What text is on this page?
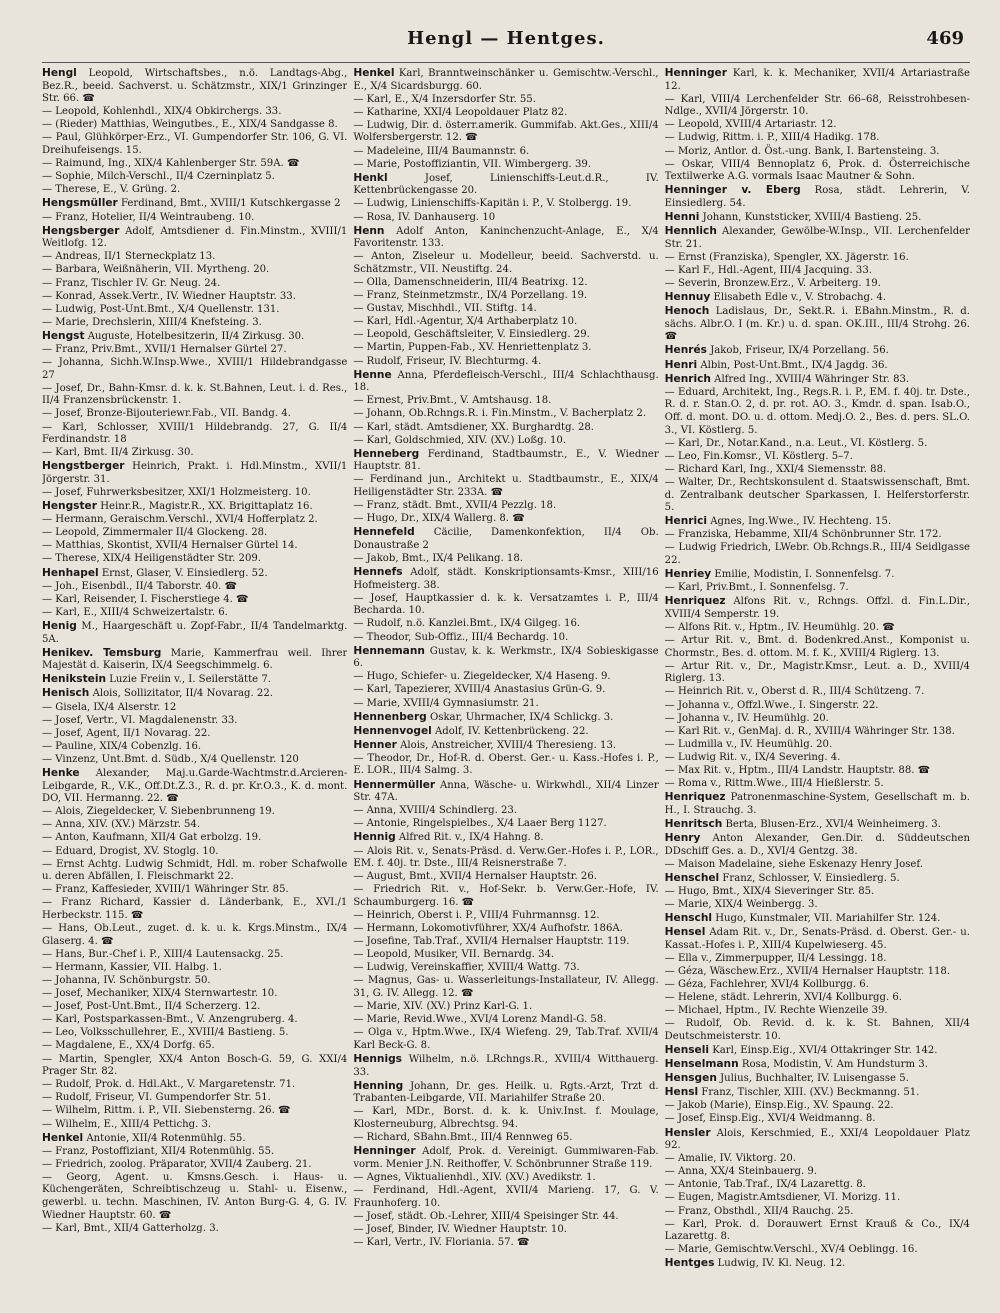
Hengl — Hentges.	469
Hengl Leopold, Wirtschaftsbes., n.ö. Landtags-Abg., Bez.R., beeid. Sachverst. u. Schätzmstr., XIX/1 Grinzinger Str. 66. ☎
— Leopold, Kohlenhdl., XIX/4 Obkirchergs. 33.
— (Rieder) Matthias, Weingutbes., E., XIX/4 Sandgasse 8.
— Paul, Glühkörper-Erz., VI. Gumpendorfer Str. 106, G. VI. Dreihufeisengs. 15.
— Raimund, Ing., XIX/4 Kahlenberger Str. 59A. ☎
— Sophie, Milch-Verschl., II/4 Czerninplatz 5.
— Therese, E., V. Grüng. 2.
Hengsmüller Ferdinand, Bmt., XVIII/1 Kutschkergasse 2
— Franz, Hotelier, II/4 Weintraubeng. 10.
Hengsberger Adolf, Amtsdiener d. Fin.Minstm., XVIII/1 Weitlofg. 12.
— Andreas, II/1 Sterneckplatz 13.
— Barbara, Weißnäherin, VII. Myrtheng. 20.
— Franz, Tischler IV. Gr. Neug. 24.
— Konrad, Assek.Vertr., IV. Wiedner Hauptstr. 33.
— Ludwig, Post-Unt.Bmt., X/4 Quellenstr. 131.
— Marie, Drechslerin, XIII/4 Knefsteing. 3.
Hengst Auguste, Hotelbesitzerin, II/4 Zirkusg. 30.
— Franz, Priv.Bmt., XVII/1 Hernalser Gürtel 27.
— Johanna, Sichh.W.Insp.Wwe., XVIII/1 Hildebrandgasse 27
— Josef, Dr., Bahn-Kmsr. d. k. k. St.Bahnen, Leut. i. d. Res., II/4 Franzensbrückenstr. 1.
— Josef, Bronze-Bijouteriewr.Fab., VII. Bandg. 4.
— Karl, Schlosser, XVIII/1 Hildebrandg. 27, G. II/4 Ferdinandstr. 18
— Karl, Bmt. II/4 Zirkusg. 30.
Hengstberger Heinrich, Prakt. i. Hdl.Minstm., XVII/1 Jörgerstr. 31.
— Josef, Fuhrwerksbesitzer, XXI/1 Holzmeisterg. 10.
Hengster Heinr.R., Magistr.R., XX. Brigittaplatz 16.
— Hermann, Geraischm.Verschl., XVI/4 Hofferplatz 2.
— Leopold, Zimmermaler II/4 Glockeng. 28.
— Matthias, Skontist, XVII/4 Hernalser Gürtel 14.
— Therese, XIX/4 Heiligenstädter Str. 209.
Henhapel Ernst, Glaser, V. Einsiedlerg. 52.
— Joh., Eisenbdl., II/4 Taborstr. 40. ☎
— Karl, Reisender, I. Fischerstiege 4. ☎
— Karl, E., XIII/4 Schweizertalstr. 6.
Henig M., Haargeschäft u. Zopf-Fabr., II/4 Tandelmarktg. 5A.
Henikev. Temsburg Marie, Kammerfrau weil. Ihrer Majestät d. Kaiserin, IX/4 Seegschimmelg. 6.
Henikstein Luzie Freiin v., I. Seilerstätte 7.
Henisch Alois, Sollizitator, II/4 Novarag. 22.
— Gisela, IX/4 Alserstr. 12
— Josef, Vertr., VI. Magdalenenstr. 33.
— Josef, Agent, II/1 Novarag. 22.
— Pauline, XIX/4 Cobenzlg. 16.
— Vinzenz, Unt.Bmt. d. Südb., X/4 Quellenstr. 120
Henke Alexander, Maj.u.Garde-Wachtmstr.d.Arcieren-Leibgarde, R., V.K., Off.Dt.Z.3., R. d. pr. Kr.O.3., K. d. mont. DO, VII. Hermanng. 22. ☎
— Alois, Ziegeldecker, V. Siebenbrunneng 19.
— Anna, XIV. (XV.) Märzstr. 54.
— Anton, Kaufmann, XII/4 Gat erbolzg. 19.
— Eduard, Drogist, XV. Stoglg. 10.
— Ernst Achtg. Ludwig Schmidt, Hdl. m. rober Schafwolle u. deren Abfällen, I. Fleischmarkt 22.
— Franz, Kaffesieder, XVIII/1 Währinger Str. 85.
— Franz Richard, Kassier d. Länderbank, E., XVI./1 Herbeckstr. 115. ☎
— Hans, Ob.Leut., zuget. d. k. u. k. Krgs.Minstm., IX/4 Glaserg. 4. ☎
— Hans, Bur.-Chef i. P., XIII/4 Lautensackg. 25.
— Hermann, Kassier, VII. Halbg. 1.
— Johanna, IV. Schönburgstr. 50.
— Josef, Mechaniker, XIX/4 Sternwartestr. 10.
— Josef, Post-Unt.Bmt., II/4 Scherzerg. 12.
— Karl, Postsparkassen-Bmt., V. Anzengruberg. 4.
— Leo, Volksschullehrer, E., XVIII/4 Bastieng. 5.
— Magdalene, E., XX/4 Dorfg. 65.
— Martin, Spengler, XX/4 Anton Bosch-G. 59, G. XXI/4 Prager Str. 82.
— Rudolf, Prok. d. Hdl.Akt., V. Margaretenstr. 71.
— Rudolf, Friseur, VI. Gumpendorfer Str. 51.
— Wilhelm, Rittm. i. P., VII. Siebensterng. 26. ☎
— Wilhelm, E., XIII/4 Pettichg. 3.
Henkel Antonie, XII/4 Rotenmühlg. 55.
— Franz, Postoffiziant, XII/4 Rotenmühlg. 55.
— Friedrich, zoolog. Präparator, XVII/4 Zauberg. 21.
— Georg, Agent. u. Kmsns.Gesch. i. Haus- u. Küchengeräten, Schreibtischzeug u. Stahl- u. Eisenw., gewerbl. u. techn. Maschinen, IV. Anton Burg-G. 4, G. IV. Wiedner Hauptstr. 60. ☎
— Karl, Bmt., XII/4 Gatterholzg. 3.
Henkel Karl, Branntweinschänker u. Gemischtw.-Verschl., E., X/4 Sicardsburgg. 60.
— Karl, E., X/4 Inzersdorfer Str. 55.
— Katharine, XXI/4 Leopoldauer Platz 82.
— Ludwig, Dir. d. österr.amerik. Gummifab. Akt.Ges., XIII/4 Wolfersbergerstr. 12. ☎
— Madeleine, III/4 Baumannstr. 6.
— Marie, Postoffiziantin, VII. Wimbergerg. 39.
Henkl	Josef, Linienschiffs-Leut.d.R., IV. Kettenbrückengasse 20.
— Ludwig, Linienschiffs-Kapitän i. P., V. Stolbergg. 19.
— Rosa, IV. Danhauserg. 10
Henn Adolf Anton, Kaninchenzucht-Anlage, E., X/4 Favoritenstr. 133.
— Anton, Ziseleur u. Modelleur, beeid. Sachverstd. u. Schätzmstr., VII. Neustiftg. 24.
— Olla, Damenschneiderin, III/4 Beatrixg. 12.
— Franz, Steinmetzmstr., IX/4 Porzellang. 19.
— Gustav, Mischhdl., VII. Stiftg. 14.
— Karl, Hdl.-Agentur, X/4 Arthaberplatz 10.
— Leopold, Geschäftsleiter, V. Einsiedlerg. 29.
— Martin, Puppen-Fab., XV. Henriettenplatz 3.
— Rudolf, Friseur, IV. Blechturmg. 4.
Henne Anna, Pferdefleisch-Verschl., III/4 Schlachthausg. 18.
— Ernest, Priv.Bmt., V. Amtshausg. 18.
— Johann, Ob.Rchngs.R. i. Fin.Minstm., V. Bacherplatz 2.
— Karl, städt. Amtsdiener, XX. Burghardtg. 28.
— Karl, Goldschmied, XIV. (XV.) Loßg. 10.
Henneberg Ferdinand, Stadtbaumstr., E., V. Wiedner Hauptstr. 81.
— Ferdinand jun., Architekt u. Stadtbaumstr., E., XIX/4 Heiligenstädter Str. 233A. ☎
— Franz, städt. Bmt., XVII/4 Pezzlg. 18.
— Hugo, Dr., XIX/4 Wallerg. 8. ☎
Hennefeld Cäcilie, Damenkonfektion, II/4 Ob. Donaustraße 2
— Jakob, Bmt., IX/4 Pelikang. 18.
Hennefs Adolf, städt. Konskriptionsamts-Kmsr., XIII/16 Hofmeisterg. 38.
— Josef, Hauptkassier d. k. k. Versatzamtes i. P., III/4 Becharda. 10.
— Rudolf, n.ö. Kanzlei.Bmt., IX/4 Gilgeg. 16.
— Theodor, Sub-Offiz., III/4 Bechardg. 10.
Hennemann Gustav, k. k. Werkmstr., IX/4 Sobieskigasse 6.
— Hugo, Schiefer- u. Ziegeldecker, X/4 Haseng. 9.
— Karl, Tapezierer, XVIII/4 Anastasius Grün-G. 9.
— Marie, XVIII/4 Gymnasiumstr. 21.
Hennenberg Oskar, Uhrmacher, IX/4 Schlickg. 3.
Hennenvogel Adolf, IV. Kettenbrückeng. 22.
Henner Alois, Anstreicher, XVIII/4 Theresieng. 13.
— Theodor, Dr., Hof-R. d. Oberst. Ger.- u. Kass.-Hofes i. P., E. LOR., III/4 Salmg. 3.
Hennermüller Anna, Wäsche- u. Wirkwhdl., XII/4 Linzer Str. 47A.
— Anna, XVIII/4 Schindlerg. 23.
— Antonie, Ringelspielbes., X/4 Laaer Berg 1127.
Hennig Alfred Rit. v., IX/4 Hahng. 8.
— Alois Rit. v., Senats-Präsd. d. Verw.Ger.-Hofes i. P., LOR., EM. f. 40j. tr. Dste., III/4 Reisnerstraße 7.
— August, Bmt., XVII/4 Hernalser Hauptstr. 26.
— Friedrich Rit. v., Hof-Sekr. b. Verw.Ger.-Hofe, IV. Schaumburgerg. 16. ☎
— Heinrich, Oberst i. P., VIII/4 Fuhrmannsg. 12.
— Hermann, Lokomotivführer, XX/4 Aufhofstr. 186A.
— Josefine, Tab.Traf., XVII/4 Hernalser Hauptstr. 119.
— Leopold, Musiker, VII. Bernardg. 34.
— Ludwig, Vereinskaffier, XVIII/4 Wattg. 73.
— Magnus, Gas- u. Wasserleitungs-Installateur, IV. Allegg. 31, G. IV. Allegg. 12. ☎
— Marie, XIV. (XV.) Prinz Karl-G. 1.
— Marie, Revid.Wwe., XVI/4 Lorenz Mandl-G. 58.
— Olga v., Hptm.Wwe., IX/4 Wiefeng. 29, Tab.Traf. XVII/4 Karl Beck-G. 8.
Hennigs Wilhelm, n.ö. LRchngs.R., XVIII/4 Witthauerg. 33.
Henning Johann, Dr. ges. Heilk. u. Rgts.-Arzt, Trzt d. Trabanten-Leibgarde, VII. Mariahilfer Straße 20.
— Karl, MDr., Borst. d. k. k. Univ.Inst. f. Moulage, Klosterneuburg, Albrechtsg. 94.
— Richard, SBahn.Bmt., III/4 Rennweg 65.
Henninger Adolf, Prok. d. Vereinigt. Gummiwaren-Fab. vorm. Menier J.N. Reithoffer, V. Schönbrunner Straße 119.
— Agnes, Viktualienhdl., XIV. (XV.) Avedikstr. 1.
— Ferdinand, Hdl.-Agent, XVII/4 Marieng. 17, G. V. Fraunhoferg. 10.
— Josef, städt. Ob.-Lehrer, XIII/4 Speisinger Str. 44.
— Josef, Binder, IV. Wiedner Hauptstr. 10.
— Karl, Vertr., IV. Floriania. 57. ☎
Henninger Karl, k. k. Mechaniker, XVII/4 Artariastraße 12.
— Karl, VIII/4 Lerchenfelder Str. 66–68, Reisstrohbesen-Ndlge., XVII/4 Jörgerstr. 10.
— Leopold, XVIII/4 Artariastr. 12.
— Ludwig, Rittm. i. P., XIII/4 Hadikg. 178.
— Moriz, Antlor. d. Öst.-ung. Bank, I. Bartensteing. 3.
— Oskar, VIII/4 Bennoplatz 6, Prok. d. Österreichische Textilwerke A.G. vormals Isaac Mautner & Sohn.
Henninger v. Eberg Rosa, städt. Lehrerin, V. Einsiedlerg. 54.
Henni Johann, Kunststicker, XVIII/4 Bastieng. 25.
Hennlich Alexander, Gewölbe-W.Insp., VII. Lerchenfelder Str. 21.
— Ernst (Franziska), Spengler, XX. Jägerstr. 16.
— Karl F., Hdl.-Agent, III/4 Jacquing. 33.
— Severin, Bronzew.Erz., V. Arbeiterg. 19.
Hennuy Elisabeth Edle v., V. Strobachg. 4.
Henoch Ladislaus, Dr., Sekt.R. i. EBahn.Minstm., R. d. sächs. Albr.O. I (m. Kr.) u. d. span. OK.III., III/4 Strohg. 26. ☎
Henrés Jakob, Friseur, IX/4 Porzellang. 56.
Henri Albin, Post-Unt.Bmt., IX/4 Jagdg. 36.
Henrich Alfred Ing., XVIII/4 Währinger Str. 83.
— Eduard, Architekt, Ing., Regs.R. i. P., EM. f. 40j. tr. Dste., R. d. r. Stan.O. 2, d. pr. rot. AO. 3., Kmdr. d. span. Isab.O., Off. d. mont. DO. u. d. ottom. Medj.O. 2., Bes. d. pers. SL.O. 3., VI. Köstlerg. 5.
— Karl, Dr., Notar.Kand., n.a. Leut., VI. Köstlerg. 5.
— Leo, Fin.Komsr., VI. Köstlerg. 5–7.
— Richard Karl, Ing., XXI/4 Siemensstr. 88.
— Walter, Dr., Rechtskonsulent d. Staatswissenschaft, Bmt. d. Zentralbank deutscher Sparkassen, I. Helferstorferstr. 5.
Henrici Agnes, Ing.Wwe., IV. Hechteng. 15.
— Franziska, Hebamme, XII/4 Schönbrunner Str. 172.
— Ludwig Friedrich, LWebr. Ob.Rchngs.R., III/4 Seidlgasse 22.
Henriey Emilie, Modistin, I. Sonnenfelsg. 7.
— Karl, Priv.Bmt., I. Sonnenfelsg. 7.
Henriquez Alfons Rit. v., Rchngs. Offzl. d. Fin.L.Dir., XVIII/4 Semperstr. 19.
— Alfons Rit. v., Hptm., IV. Heumühlg. 20. ☎
— Artur Rit. v., Bmt. d. Bodenkred.Anst., Komponist u. Chormstr., Bes. d. ottom. M. f. K., XVIII/4 Riglerg. 13.
— Artur Rit. v., Dr., Magistr.Kmsr., Leut. a. D., XVIII/4 Riglerg. 13.
— Heinrich Rit. v., Oberst d. R., III/4 Schützeng. 7.
— Johanna v., Offzl.Wwe., I. Singerstr. 22.
— Johanna v., IV. Heumühlg. 20.
— Karl Rit. v., GenMaj. d. R., XVIII/4 Währinger Str. 138.
— Ludmilla v., IV. Heumühlg. 20.
— Ludwig Rit. v., IX/4 Severing. 4.
— Max Rit. v., Hptm., III/4 Landstr. Hauptstr. 88. ☎
— Roma v., Rittm.Wwe., III/4 Hießlerstr. 5.
Henriquez Patronenmaschine-System, Gesellschaft m. b. H., I. Strauchg. 3.
Henritsch Berta, Blusen-Erz., XVI/4 Weinheimerg. 3.
Henry Anton Alexander, Gen.Dir. d. Süddeutschen DDschiff Ges. a. D., XVI/4 Gentzg. 38.
— Maison Madelaine, siehe Eskenazy Henry Josef.
Henschel Franz, Schlosser, V. Einsiedlerg. 5.
— Hugo, Bmt., XIX/4 Sieveringer Str. 85.
— Marie, XIX/4 Weinbergg. 3.
Henschl Hugo, Kunstmaler, VII. Mariahilfer Str. 124.
Hensel Adam Rit. v., Dr., Senats-Präsd. d. Oberst. Ger.- u. Kassat.-Hofes i. P., XIII/4 Kupelwieserg. 45.
— Ella v., Zimmerpupper, II/4 Lessingg. 18.
— Géza, Wäschew.Erz., XVII/4 Hernalser Hauptstr. 118.
— Géza, Fachlehrer, XVI/4 Kollburgg. 6.
— Helene, städt. Lehrerin, XVI/4 Kollburgg. 6.
— Michael, Hptm., IV. Rechte Wienzeile 39.
— Rudolf, Ob. Revid. d. k. k. St. Bahnen, XII/4 Deutschmeisterstr. 10.
Henseli Karl, Einsp.Eig., XVI/4 Ottakringer Str. 142.
Henselmann Rosa, Modistin, V. Am Hundsturm 3.
Hensgen Julius, Buchhalter, IV. Luisengasse 5.
Hensl Franz, Tischler, XIII. (XV.) Beckmanng. 51.
— Jakob (Marie), Einsp.Eig., XV. Spaung. 22.
— Josef, Einsp.Eig., XVI/4 Weidmanng. 8.
Hensler Alois, Kerschmied, E., XXI/4 Leopoldauer Platz 92.
— Amalie, IV. Viktorg. 20.
— Anna, XX/4 Steinbauerg. 9.
— Antonie, Tab.Traf., IX/4 Lazarettg. 8.
— Eugen, Magistr.Amtsdiener, VI. Morizg. 11.
— Franz, Obsthdl., XII/4 Rauchg. 25.
— Karl, Prok. d. Dorauwert Ernst Krauß & Co., IX/4 Lazarettg. 8.
— Marie, Gemischtw.Verschl., XV/4 Oeblingg. 16.
Hentges Ludwig, IV. Kl. Neug. 12.
